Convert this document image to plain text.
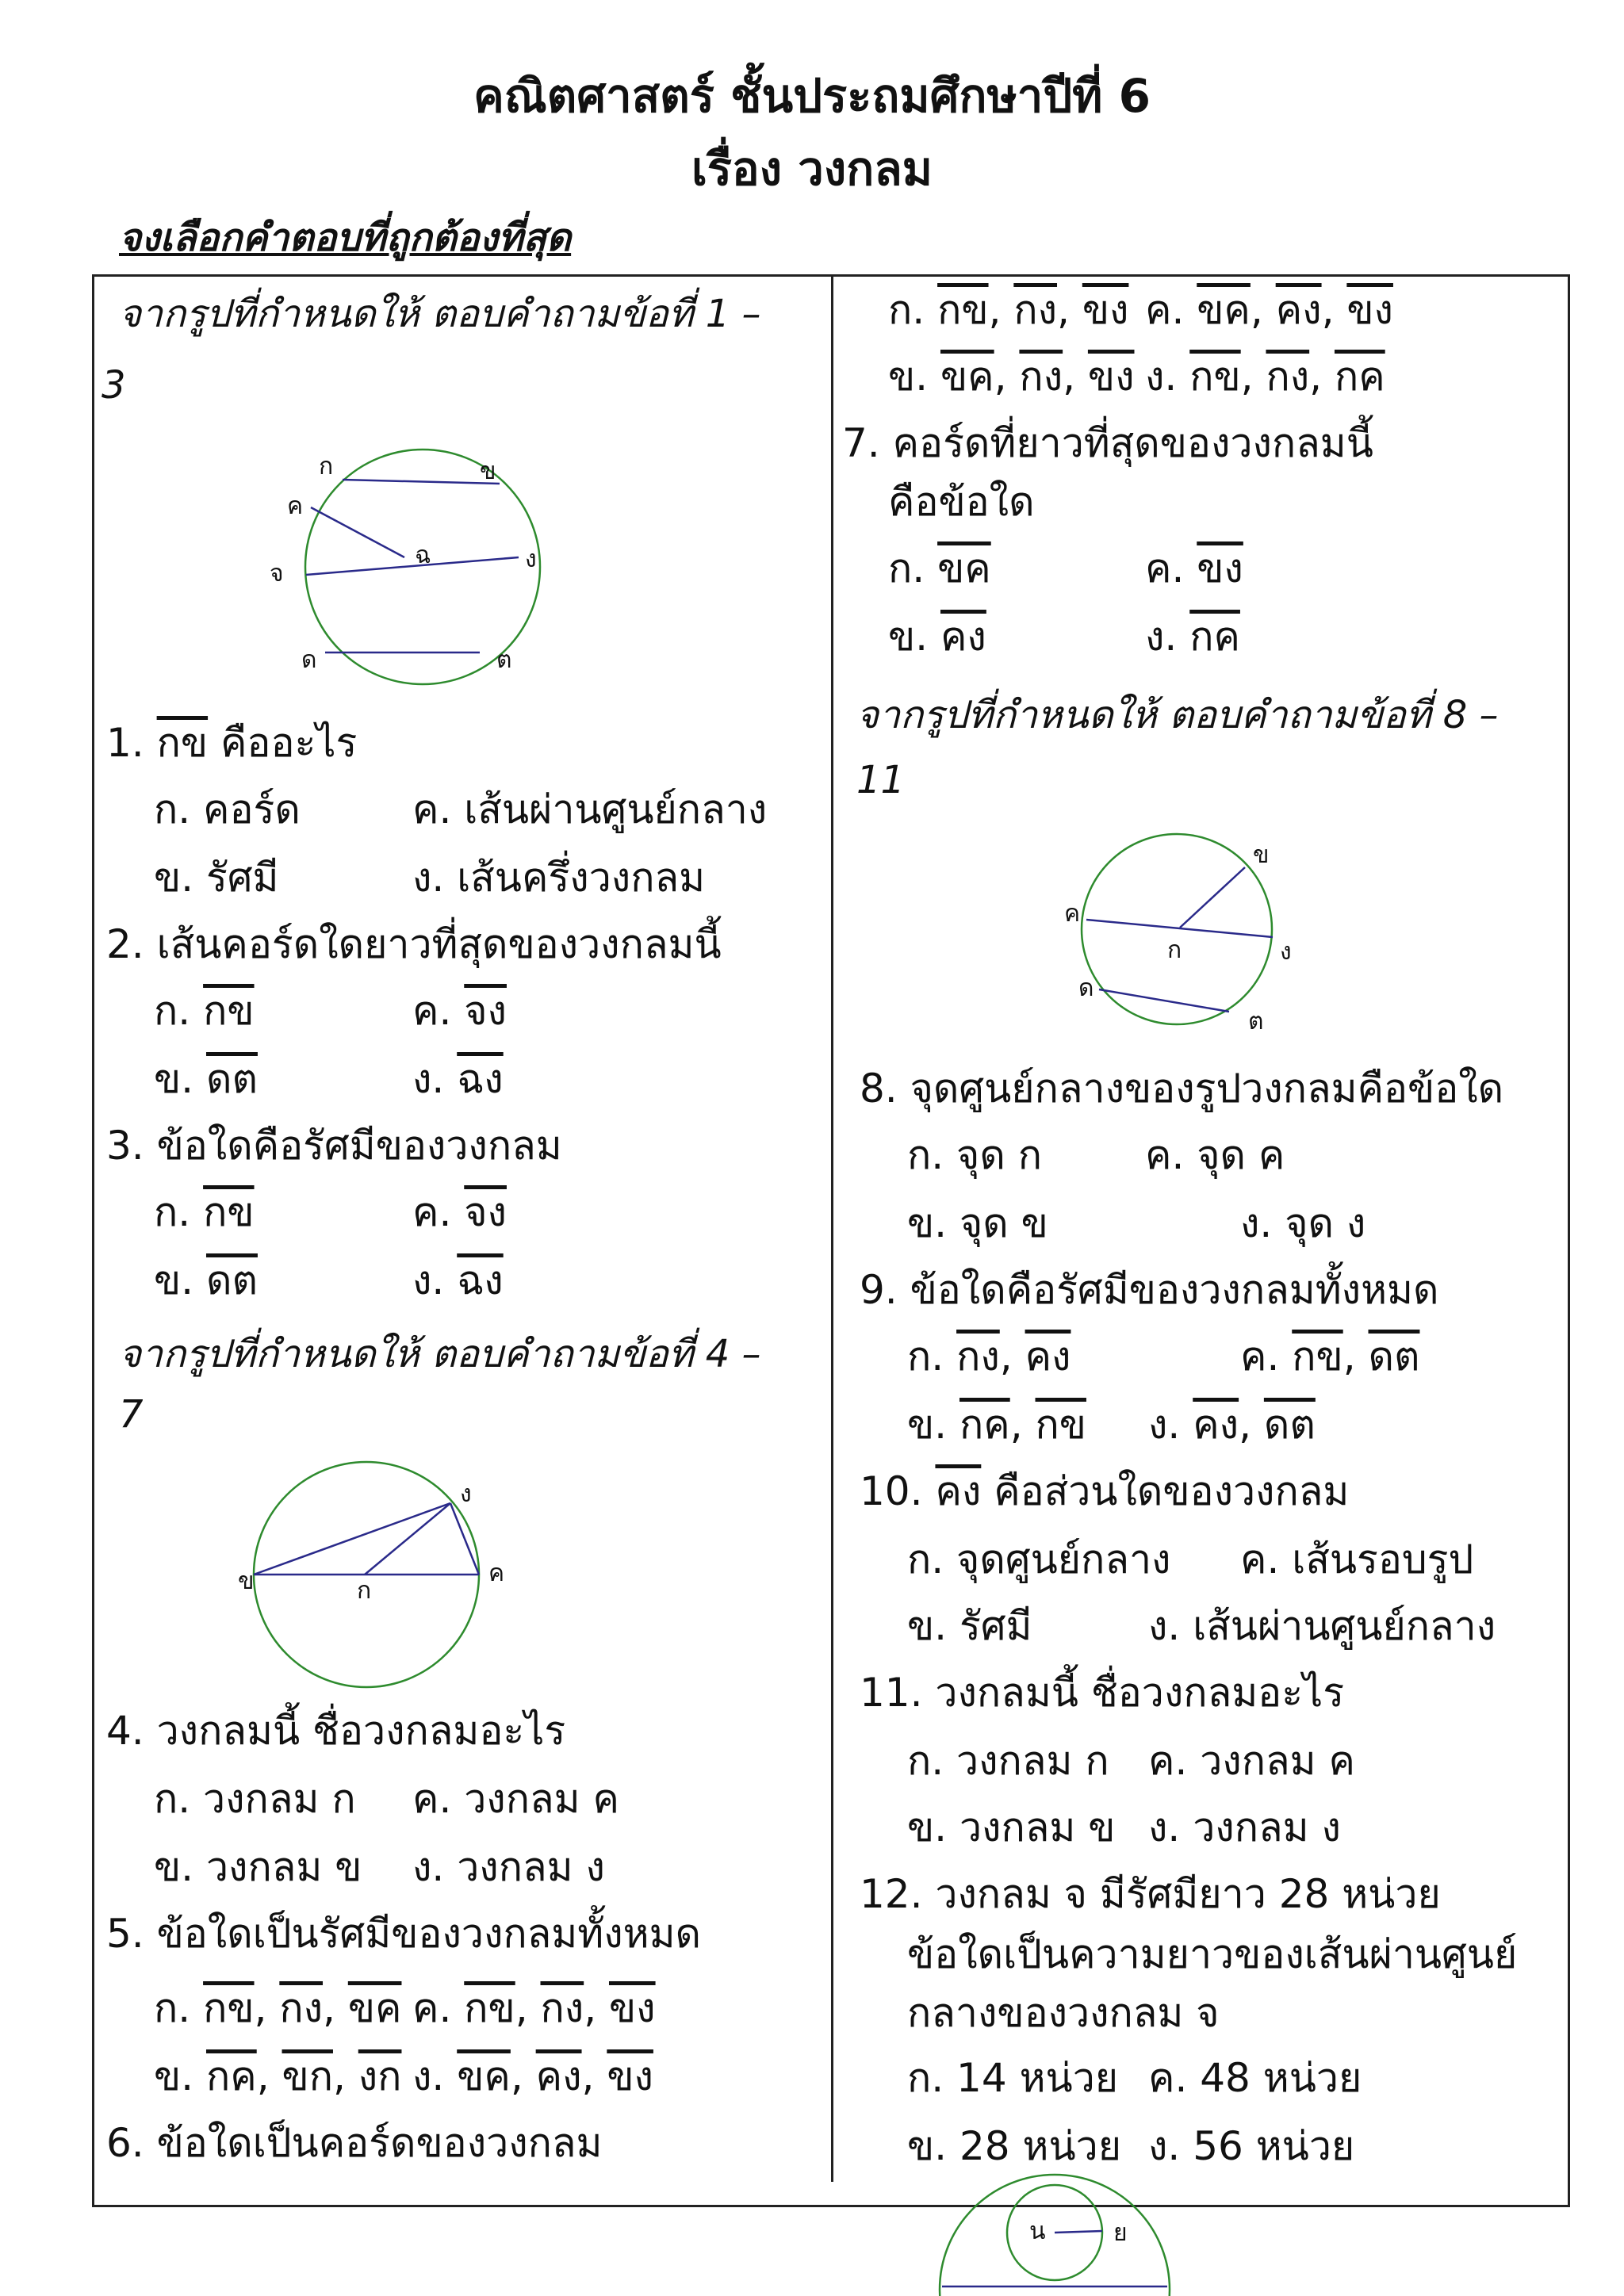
คณิตศาสตร์ ชั้นประถมศึกษาปีที่ 6
เรื่อง วงกลม
จงเลือกคำตอบที่ถูกต้องที่สุด
จากรูปที่กำหนดให้ ตอบคำถามข้อที่ 1 –
3
ก	ข
ค
ฉ	ง
จ
ด	ต
1. กข คืออะไร
ก. คอร์ด	ค. เส้นผ่านศูนย์กลาง
ข. รัศมี	ง. เส้นครึ่งวงกลม
2. เส้นคอร์ดใดยาวที่สุดของวงกลมนี้
ก. กข	ค. จง
ข. ดต	ง. ฉง
3. ข้อใดคือรัศมีของวงกลม
ก. กข	ค. จง
ข. ดต	ง. ฉง
จากรูปที่กำหนดให้ ตอบคำถามข้อที่ 4 –
7
ง
ข	ก
ค
4. วงกลมนี้ ชื่อวงกลมอะไร
ก. วงกลม ก ค. วงกลม ค
ข. วงกลม ข ง. วงกลม ง
5. ข้อใดเป็นรัศมีของวงกลมทั้งหมด
ก. กข, กง, ขค ค. กข, กง, ขง
ข. กค, ขก, งก ง. ขค, คง, ขง
6. ข้อใดเป็นคอร์ดของวงกลม
ก. กข, กง, ขง ค. ขค, คง, ขง
ข. ขค, กง, ขง ง. กข, กง, กค
7. คอร์ดที่ยาวที่สุดของวงกลมนี้
คือข้อใด
ก. ขค	ค. ขง
ข. คง	ง. กค
จากรูปที่กำหนดให้ ตอบคำถามข้อที่ 8 –
11
ข
ค
ก	ง
ด
ต
8. จุดศูนย์กลางของรูปวงกลมคือข้อใด
ก. จุด ก	ค. จุด ค
ข. จุด ข	ง. จุด ง
9. ข้อใดคือรัศมีของวงกลมทั้งหมด
ก. กง, คง	ค. กข, ดต
ข. กค, กข ง. คง, ดต
10. คง คือส่วนใดของวงกลม
ก. จุดศูนย์กลาง ค. เส้นรอบรูป
ข. รัศมี	ง. เส้นผ่านศูนย์กลาง
11. วงกลมนี้ ชื่อวงกลมอะไร
ก. วงกลม ก ค. วงกลม ค
ข. วงกลม ข ง. วงกลม ง
12. วงกลม จ มีรัศมียาว 28 หน่วย
ข้อใดเป็นความยาวของเส้นผ่านศูนย์
กลางของวงกลม จ
ก. 14 หน่วย ค. 48 หน่วย
ข. 28 หน่วย ง. 56 หน่วย
น	ย
